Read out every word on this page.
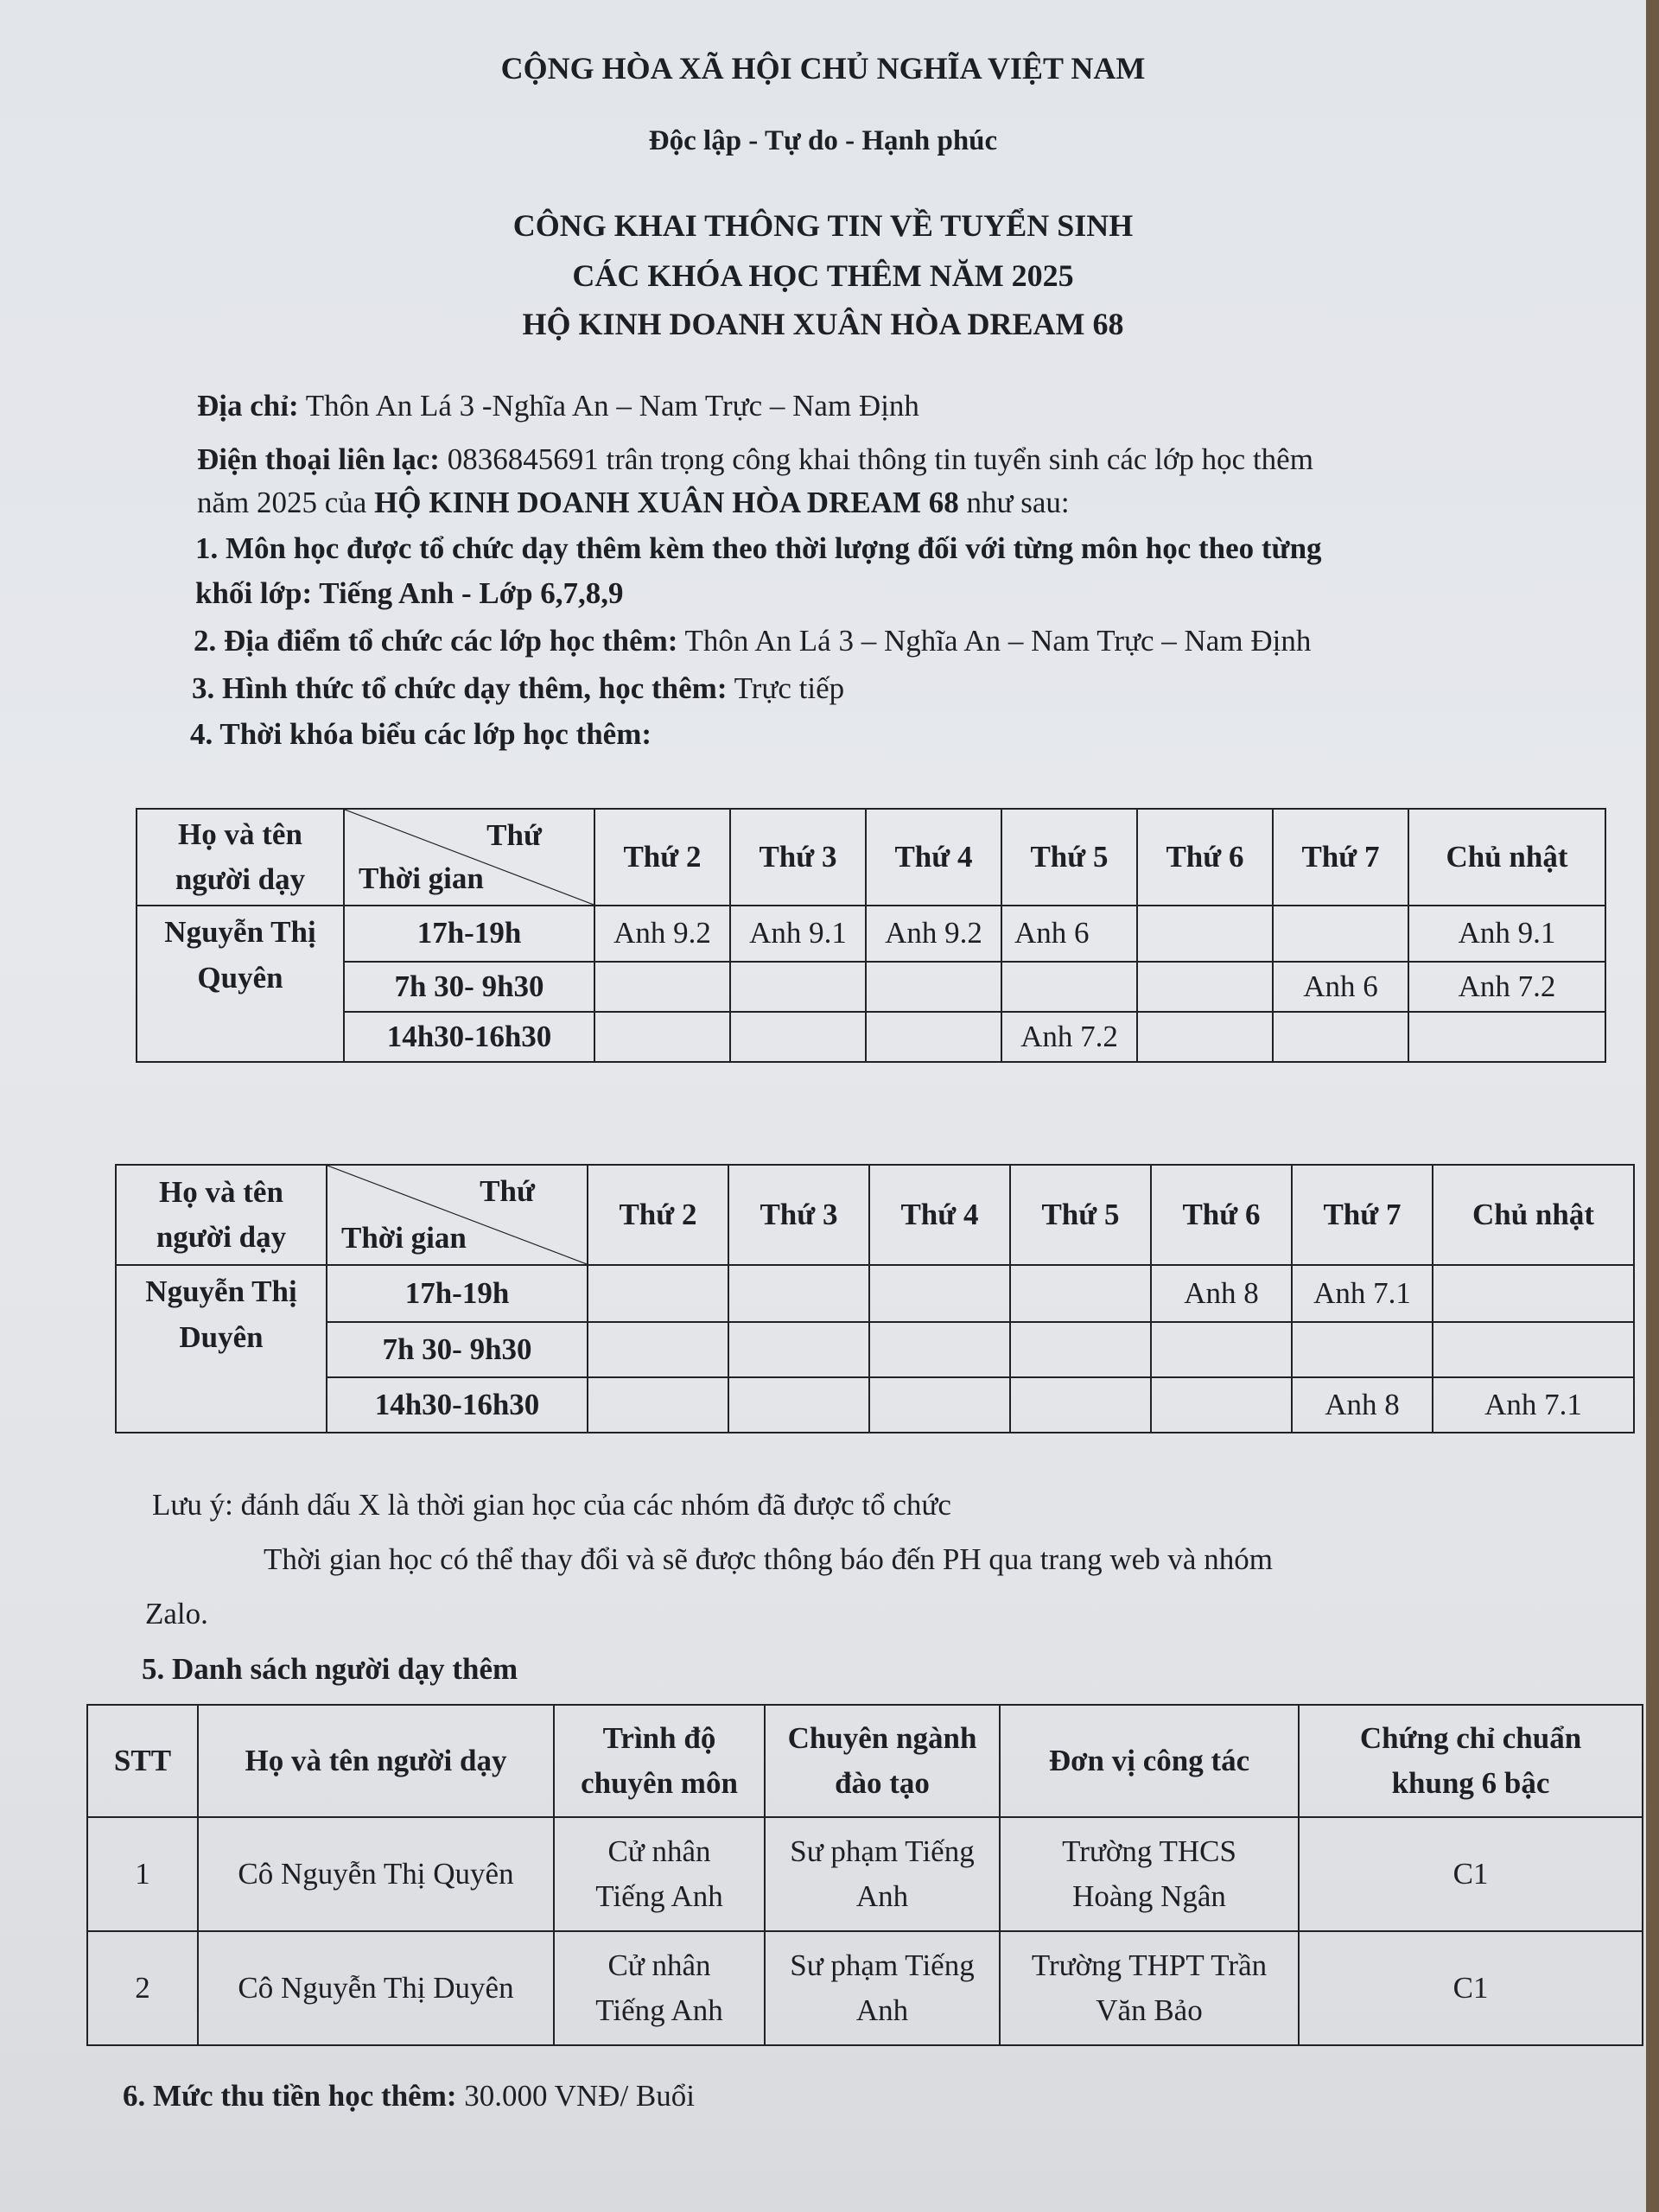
CỘNG HÒA XÃ HỘI CHỦ NGHĨA VIỆT NAM
Độc lập - Tự do - Hạnh phúc
CÔNG KHAI THÔNG TIN VỀ TUYỂN SINH
CÁC KHÓA HỌC THÊM NĂM 2025
HỘ KINH DOANH XUÂN HÒA DREAM 68
Địa chỉ: Thôn An Lá 3 -Nghĩa An – Nam Trực – Nam Định
Điện thoại liên lạc: 0836845691 trân trọng công khai thông tin tuyển sinh các lớp học thêm
năm 2025 của HỘ KINH DOANH XUÂN HÒA DREAM 68 như sau:
1. Môn học được tổ chức dạy thêm kèm theo thời lượng đối với từng môn học theo từng
khối lớp: Tiếng Anh - Lớp 6,7,8,9
2. Địa điểm tổ chức các lớp học thêm: Thôn An Lá 3 – Nghĩa An – Nam Trực – Nam Định
3. Hình thức tổ chức dạy thêm, học thêm: Trực tiếp
4. Thời khóa biểu các lớp học thêm:
Họ và tên
người dạy	Thứ
Thời gian	Thứ 2	Thứ 3	Thứ 4	Thứ 5	Thứ 6	Thứ 7	Chủ nhật
Nguyễn Thị
Quyên	17h-19h	Anh 9.2	Anh 9.1	Anh 9.2	Anh 6			Anh 9.1
	7h 30- 9h30						Anh 6	Anh 7.2
	14h30-16h30				Anh 7.2			
Họ và tên
người dạy	Thứ
Thời gian	Thứ 2	Thứ 3	Thứ 4	Thứ 5	Thứ 6	Thứ 7	Chủ nhật
Nguyễn Thị
Duyên	17h-19h					Anh 8	Anh 7.1	
	7h 30- 9h30							
	14h30-16h30						Anh 8	Anh 7.1
Lưu ý: đánh dấu X là thời gian học của các nhóm đã được tổ chức
Thời gian học có thể thay đổi và sẽ được thông báo đến PH qua trang web và nhóm
Zalo.
5. Danh sách người dạy thêm
STT	Họ và tên người dạy	Trình độ
chuyên môn	Chuyên ngành
đào tạo	Đơn vị công tác	Chứng chỉ chuẩn
khung 6 bậc
1	Cô Nguyễn Thị Quyên	Cử nhân
Tiếng Anh	Sư phạm Tiếng
Anh	Trường THCS
Hoàng Ngân	C1
2	Cô Nguyễn Thị Duyên	Cử nhân
Tiếng Anh	Sư phạm Tiếng
Anh	Trường THPT Trần
Văn Bảo	C1
6. Mức thu tiền học thêm: 30.000 VNĐ/ Buổi
